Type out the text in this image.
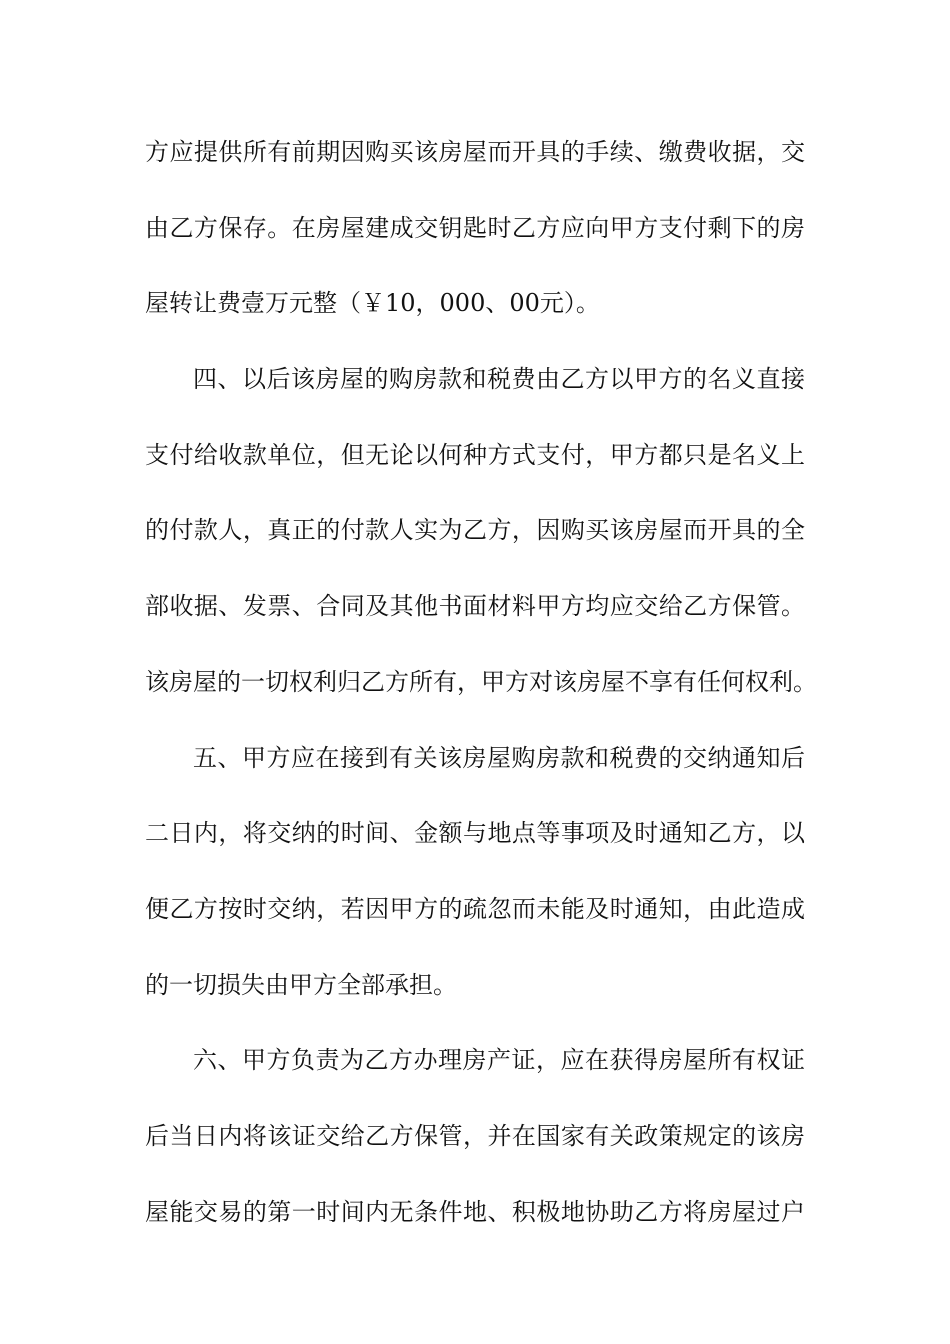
方应提供所有前期因购买该房屋而开具的手续、缴费收据，交
由乙方保存。在房屋建成交钥匙时乙方应向甲方支付剩下的房
屋转让费壹万元整（￥10，000、00元）。
四、以后该房屋的购房款和税费由乙方以甲方的名义直接
支付给收款单位，但无论以何种方式支付，甲方都只是名义上
的付款人，真正的付款人实为乙方，因购买该房屋而开具的全
部收据、发票、合同及其他书面材料甲方均应交给乙方保管。
该房屋的一切权利归乙方所有，甲方对该房屋不享有任何权利。
五、甲方应在接到有关该房屋购房款和税费的交纳通知后
二日内，将交纳的时间、金额与地点等事项及时通知乙方，以
便乙方按时交纳，若因甲方的疏忽而未能及时通知，由此造成
的一切损失由甲方全部承担。
六、甲方负责为乙方办理房产证，应在获得房屋所有权证
后当日内将该证交给乙方保管，并在国家有关政策规定的该房
屋能交易的第一时间内无条件地、积极地协助乙方将房屋过户
